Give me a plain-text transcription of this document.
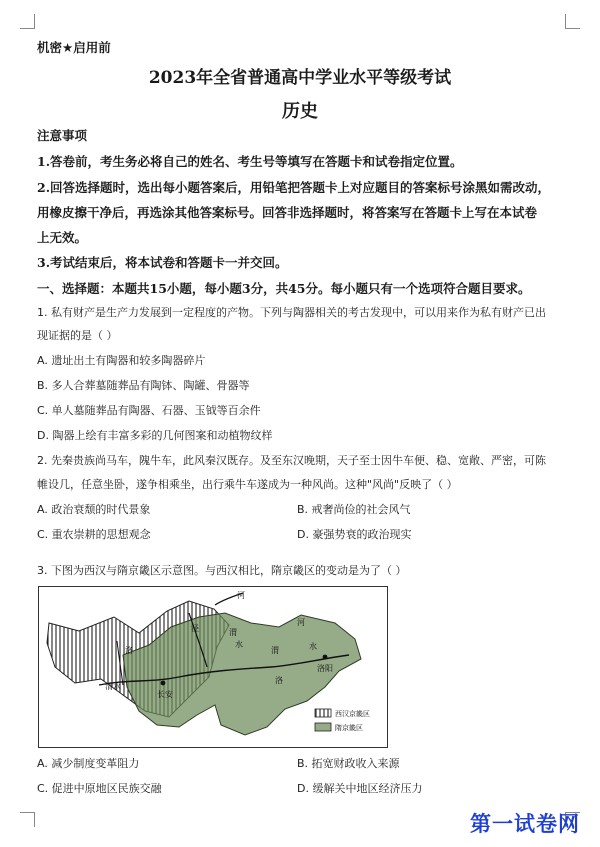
机密★启用前
2023年全省普通高中学业水平等级考试
历史
注意事项
1.答卷前，考生务必将自己的姓名、考生号等填写在答题卡和试卷指定位置。
2.回答选择题时，选出每小题答案后，用铅笔把答题卡上对应题目的答案标号涂黑如需改动，
用橡皮擦干净后，再选涂其他答案标号。回答非选择题时，将答案写在答题卡上写在本试卷
上无效。
3.考试结束后，将本试卷和答题卡一并交回。
一、选择题：本题共15小题，每小题3分，共45分。每小题只有一个选项符合题目要求。
1. 私有财产是生产力发展到一定程度的产物。下列与陶器相关的考古发现中，可以用来作为私有财产已出
现证据的是（ ）
A. 遗址出土有陶器和较多陶器碎片
B. 多人合葬墓随葬品有陶钵、陶罐、骨器等
C. 单人墓随葬品有陶器、石器、玉钺等百余件
D. 陶器上绘有丰富多彩的几何图案和动植物纹样
2. 先秦贵族尚马车，隗牛车，此风秦汉既存。及至东汉晚期，天子至士因牛车便、稳、宽敞、严密，可陈
帷设几，任意坐卧，遂争相乘坐，出行乘牛车遂成为一种风尚。这种"风尚"反映了（ ）
A. 政治衰颓的时代景象	B. 戒奢尚俭的社会风气
C. 重农崇耕的思想观念	D. 豪强势衰的政治现实
3. 下图为西汉与隋京畿区示意图。与西汉相比，隋京畿区的变动是为了（ ）
河
泾	渭
水
长安
清水
洛	渭	水
洛阳
河
洛
西汉京畿区
隋京畿区
A. 减少制度变革阻力	B. 拓宽财政收入来源
C. 促进中原地区民族交融	D. 缓解关中地区经济压力
第一试卷网
